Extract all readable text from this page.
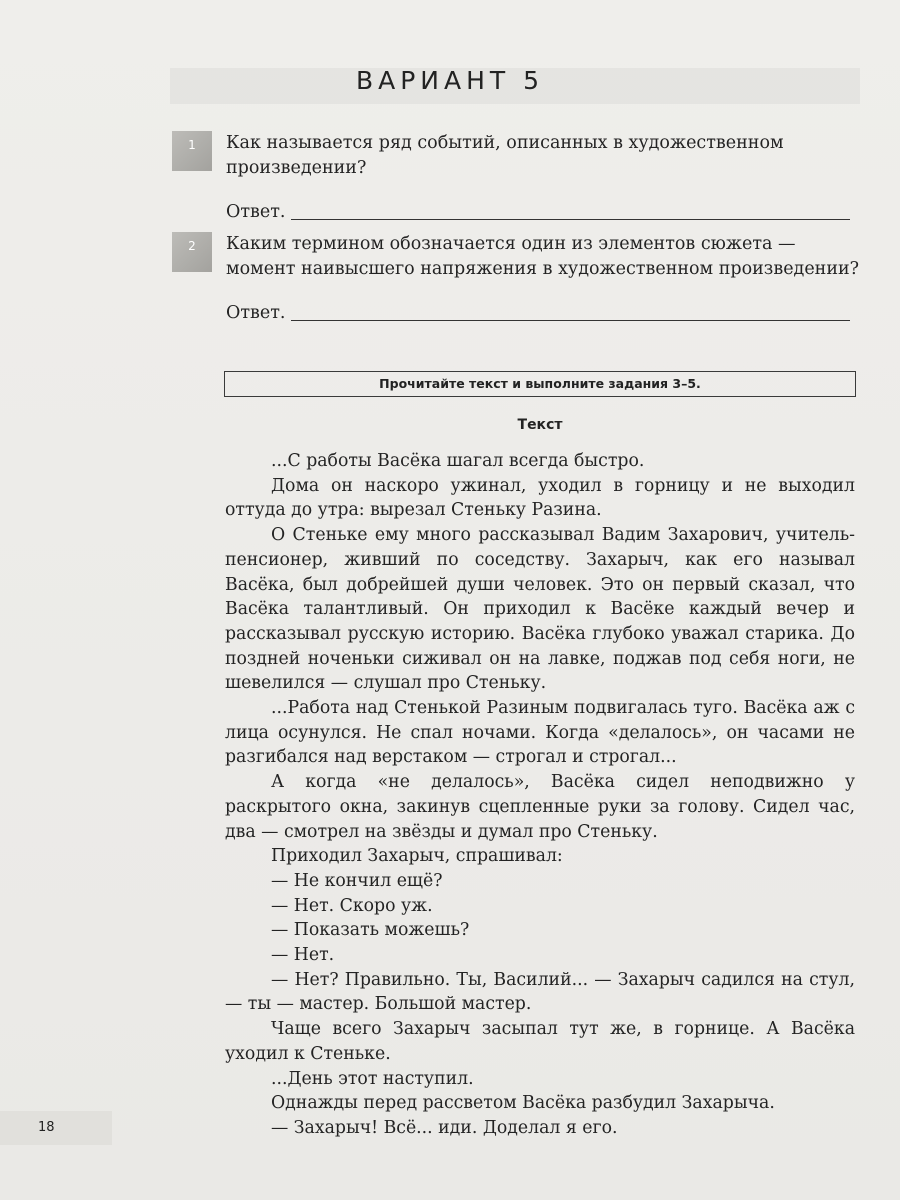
ВАРИАНТ 5
1	Как называется ряд событий, описанных в художественном произведении?

Ответ.
2	Каким термином обозначается один из элементов сюжета — момент наивысшего напряжения в художественном произведении?

Ответ.
Прочитайте текст и выполните задания 3–5.
Текст

...С работы Васёка шагал всегда быстро.

Дома он наскоро ужинал, уходил в горницу и не выходил оттуда до утра: вырезал Стеньку Разина.

О Стеньке ему много рассказывал Вадим Захарович, учитель-пенсионер, живший по соседству. Захарыч, как его называл Васёка, был добрейшей души человек. Это он первый сказал, что Васёка талантливый. Он приходил к Васёке каждый вечер и рассказывал русскую историю. Васёка глубоко уважал старика. До поздней ноченьки сиживал он на лавке, поджав под себя ноги, не шевелился — слушал про Стеньку.

...Работа над Стенькой Разиным подвигалась туго. Васёка аж с лица осунулся. Не спал ночами. Когда «делалось», он часами не разгибался над верстаком — строгал и строгал...

А когда «не делалось», Васёка сидел неподвижно у раскрытого окна, закинув сцепленные руки за голову. Сидел час, два — смотрел на звёзды и думал про Стеньку.

Приходил Захарыч, спрашивал:

— Не кончил ещё?

— Нет. Скоро уж.

— Показать можешь?

— Нет.

— Нет? Правильно. Ты, Василий... — Захарыч садился на стул, — ты — мастер. Большой мастер.

Чаще всего Захарыч засыпал тут же, в горнице. А Васёка уходил к Стеньке.

...День этот наступил.

Однажды перед рассветом Васёка разбудил Захарыча.

— Захарыч! Всё... иди. Доделал я его.

18
